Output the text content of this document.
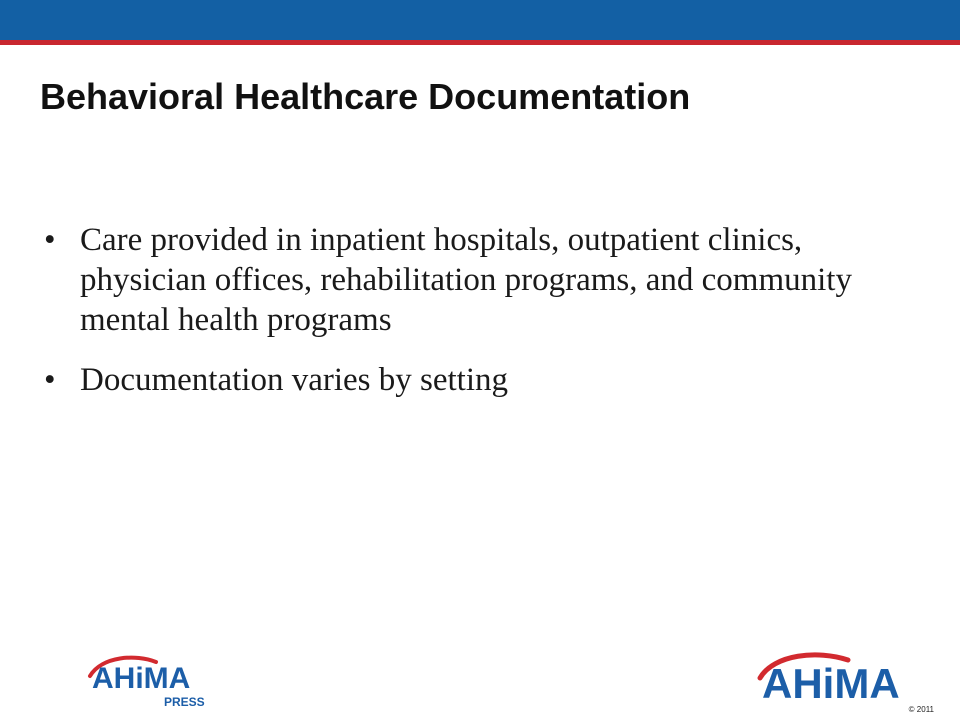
Behavioral Healthcare Documentation
• Care provided in inpatient hospitals, outpatient clinics, physician offices, rehabilitation programs, and community mental health programs
• Documentation varies by setting
AHiMA
PRESS	AHiMA
© 2011
